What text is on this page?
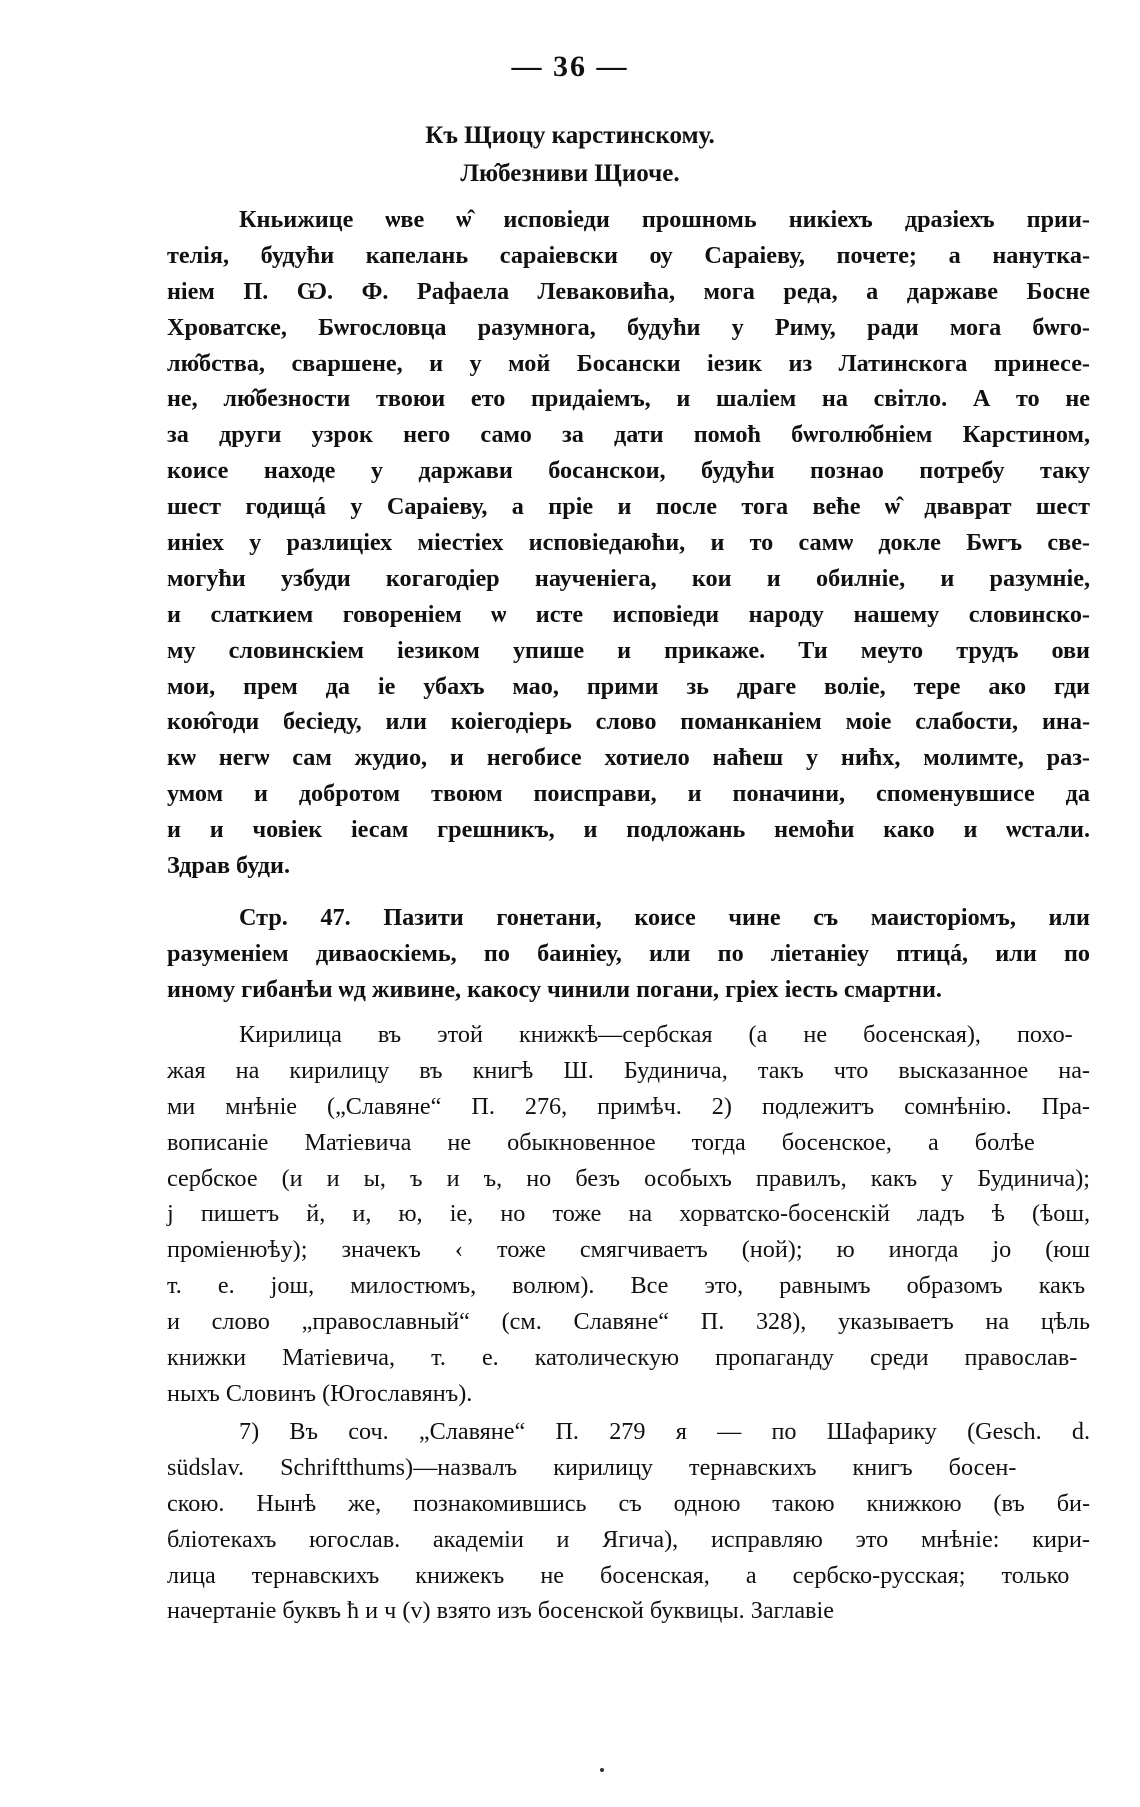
— 36 —
Къ Щиоцу карстинскому.
Лю̂безниви Щиоче.
Кньижице ѡве ѡ̂ исповіеди прошномь никіехъ дразіехъ прии-
телія, будуħи капелань сараіевски оу Сараіеву, почете; а нанутка-
ніем П. Ѡ. Ф. Рафаела Леваковиħа, мога реда, а даржаве Босне
Хроватске, Бѡгословца разумнога, будуħи у Риму, ради мога бѡго-
лю̂бства, сваршене, и у мой Босански іезик из Латинскога принесе-
не, лю̂безности твоюи ето придаіемъ, и шаліем на світло. А то не
за други узрок него само за дати помоħ бѡголю̂бніем Карстином,
коисе находе у даржави босанскои, будуħи познао потребу таку
шест годищá у Сараіеву, а пріе и после тога веħе ѡ̂ дваврат шест
иніех у разлиціех міестіех исповіедаюħи, и то самѡ докле Бѡгъ све-
могуħи узбуди когагодіер наученіега, кои и обилніе, и разумніе,
и слаткием говореніем ѡ исте исповіеди народу нашему словинско-
му словинскіем іезиком упише и прикаже. Ти меуто трудъ ови
мои, прем да іе убахъ мао, прими зь драге воліе, тере ако гди
кою̂годи бесіеду, или коіегодіерь слово поманканіем моіе слабости, инa-
кѡ негѡ сам жудио, и негобисе хотиело наħеш у ниħх, молимте, раз-
умом и добротом твоюм поисправи, и поначини, споменувшисе да
и и човіек іесам грешникъ, и подложань немоħи како и ѡстали.
Здрав буди.
Стр. 47. Пазити гонетани, коисе чине съ маисторіомъ, или
разуменіем диваоскіемь, по баиніеу, или по ліетаніеу птицá, или по
иному гибанѣи ѡд живине, какосу чинили погани, гріех іесть смартни.
Кирилица въ этой книжкѣ—сербская (а не босенская), похо-
жая на кирилицу въ книгѣ Ш. Будинича, такъ что высказанное на-
ми мнѣніе („Славяне“ П. 276, примѣч. 2) подлежитъ сомнѣнію. Пра-
вописаніе Матіевича не обыкновенное тогда босенское, а болѣе
сербское (и и ы, ъ и ъ, но безъ особыхъ правилъ, какъ у Будинича);
ј пишетъ й, и, ю, іе, но тоже на хорватско-босенскій ладъ ѣ (ѣош,
проміенюѣу); значекъ ‹ тоже смягчиваетъ (ной); ю иногда јо (юш
т. е. још, милостюмъ, волюм). Все это, равнымъ образомъ какъ
и слово „православный“ (см. Славяне“ П. 328), указываетъ на цѣль
книжки Матіевича, т. е. католическую пропаганду среди православ-
ныхъ Словинъ (Югославянъ).
7) Въ соч. „Славяне“ П. 279 я — по Шафарику (Gesch. d.
südslav. Schriftthums)—назвалъ кирилицу тернавскихъ книгъ босен-
скою. Нынѣ же, познакомившись съ одною такою книжкою (въ би-
бліотекахъ югослав. академіи и Ягича), исправляю это мнѣніе: кири-
лица тернавскихъ книжекъ не босенская, а сербско-русская; только
начертаніе буквъ ħ и ч (v) взято изъ босенской буквицы. Заглавіе
